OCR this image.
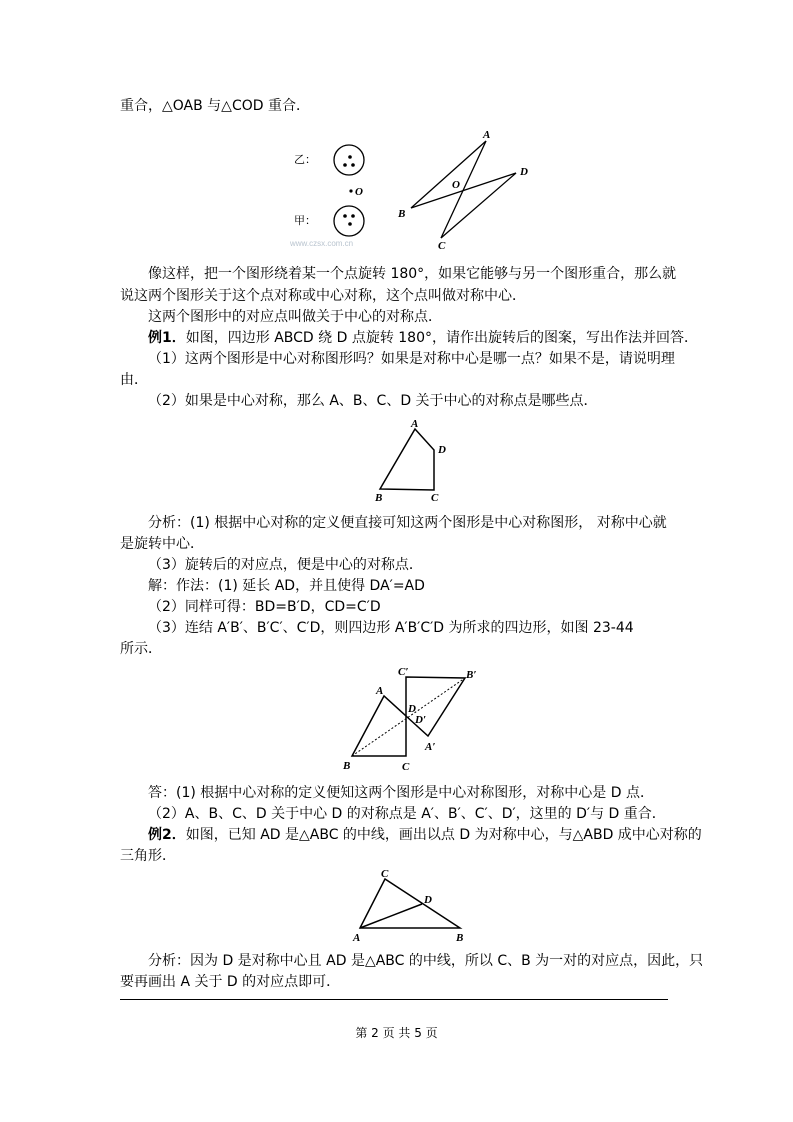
重合，△OAB 与△COD 重合．
乙：
O
甲：
www.czsx.com.cn
A
B
C
D
O
像这样，把一个图形绕着某一个点旋转 180°，如果它能够与另一个图形重合，那么就
说这两个图形关于这个点对称或中心对称，这个点叫做对称中心．
这两个图形中的对应点叫做关于中心的对称点．
例1．如图，四边形 ABCD 绕 D 点旋转 180°，请作出旋转后的图案，写出作法并回答．
（1）这两个图形是中心对称图形吗？如果是对称中心是哪一点？如果不是，请说明理
由．
（2）如果是中心对称，那么 A、B、C、D 关于中心的对称点是哪些点．
A
D
B	C
分析：(1) 根据中心对称的定义便直接可知这两个图形是中心对称图形， 对称中心就
是旋转中心．
（3）旋转后的对应点，便是中心的对称点．
解：作法：(1) 延长 AD，并且使得 DA′=AD
（2）同样可得：BD=B′D，CD=C′D
（3）连结 A′B′、B′C′、C′D，则四边形 A′B′C′D 为所求的四边形，如图 23-44
所示．
A
B	C
D
D′
A′
B′
C′
答：(1) 根据中心对称的定义便知这两个图形是中心对称图形，对称中心是 D 点．
（2）A、B、C、D 关于中心 D 的对称点是 A′、B′、C′、D′，这里的 D′与 D 重合．
例2．如图，已知 AD 是△ABC 的中线，画出以点 D 为对称中心，与△ABD 成中心对称的
三角形．
C
D
A	B
分析：因为 D 是对称中心且 AD 是△ABC 的中线，所以 C、B 为一对的对应点，因此，只
要再画出 A 关于 D 的对应点即可．
第 2 页 共 5 页
